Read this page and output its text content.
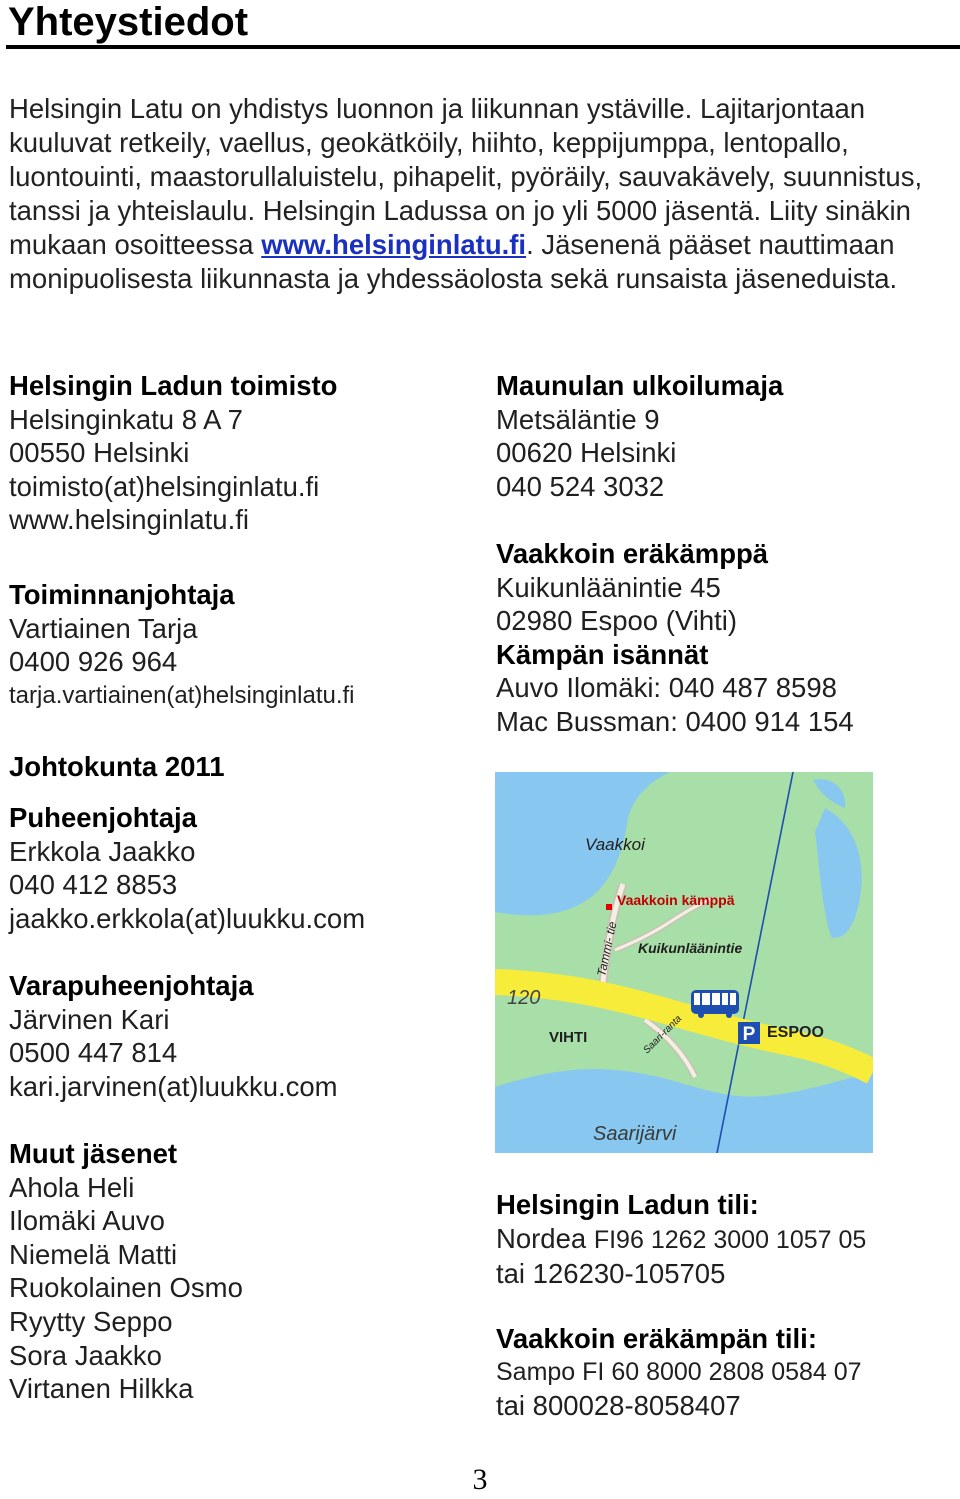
Yhteystiedot

Helsingin Latu on yhdistys luonnon ja liikunnan ystäville. Lajitarjontaan kuuluvat retkeily, vaellus, geokätköily, hiihto, keppijumppa, lentopallo, luontouinti, maastorullaluistelu, pihapelit, pyöräily, sauvakävely, suunnistus, tanssi ja yhteislaulu. Helsingin Ladussa on jo yli 5000 jäsentä. Liity sinäkin mukaan osoitteessa www.helsinginlatu.fi. Jäsenenä pääset nauttimaan monipuolisesta liikunnasta ja yhdessäolosta sekä runsaista jäseneduista.

Helsingin Ladun toimisto
Helsinginkatu 8 A 7
00550 Helsinki
toimisto(at)helsinginlatu.fi
www.helsinginlatu.fi
Toiminnanjohtaja
Vartiainen Tarja
0400 926 964
tarja.vartiainen(at)helsinginlatu.fi
Johtokunta 2011
Puheenjohtaja
Erkkola Jaakko
040 412 8853
jaakko.erkkola(at)luukku.com
Varapuheenjohtaja
Järvinen Kari
0500 447 814
kari.jarvinen(at)luukku.com
Muut jäsenet
Ahola Heli
Ilomäki Auvo
Niemelä Matti
Ruokolainen Osmo
Ryytty Seppo
Sora Jaakko
Virtanen Hilkka
Maunulan ulkoilumaja
Metsäläntie 9
00620 Helsinki
040 524 3032
Vaakkoin eräkämppä
Kuikunläänintie 45
02980 Espoo (Vihti)
Kämpän isännät
Auvo Ilomäki: 040 487 8598
Mac Bussman: 0400 914 154
P
Vaakkoi
Vaakkoin kämppä
Kuikunläänintie
120
Tammi- tie
VIHTI	ESPOO
Saari-ranta
Saarijärvi
Helsingin Ladun tili:
Nordea FI96 1262 3000 1057 05
tai 126230-105705
Vaakkoin eräkämpän tili:
Sampo FI 60 8000 2808 0584 07
tai 800028-8058407
3
